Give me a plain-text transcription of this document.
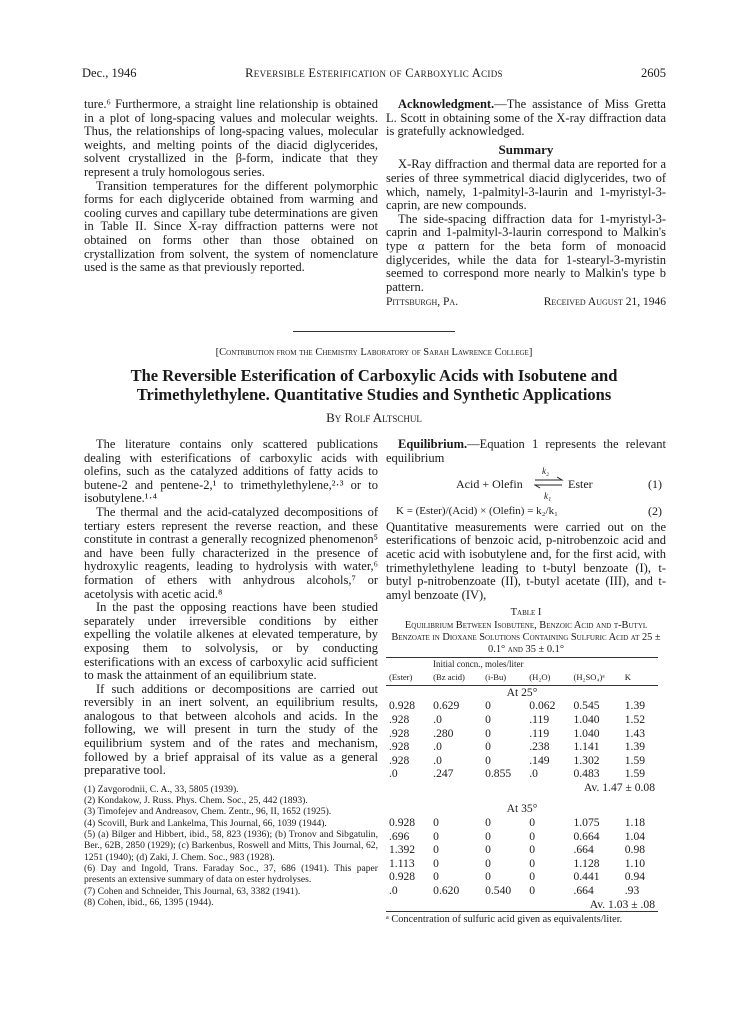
Dec., 1946	Reversible Esterification of Carboxylic Acids	2605

ture.⁶ Furthermore, a straight line relationship is obtained in a plot of long-spacing values and molecular weights. Thus, the relationships of long-spacing values, molecular weights, and melting points of the diacid diglycerides, solvent crystallized in the β-form, indicate that they represent a truly homologous series.

Transition temperatures for the different polymorphic forms for each diglyceride obtained from warming and cooling curves and capillary tube determinations are given in Table II. Since X-ray diffraction patterns were not obtained on forms other than those obtained on crystallization from solvent, the system of nomenclature used is the same as that previously reported.

Acknowledgment.—The assistance of Miss Gretta L. Scott in obtaining some of the X-ray diffraction data is gratefully acknowledged.

Summary

X-Ray diffraction and thermal data are reported for a series of three symmetrical diacid diglycerides, two of which, namely, 1-palmityl-3-laurin and 1-myristyl-3-caprin, are new compounds.

The side-spacing diffraction data for 1-myristyl-3-caprin and 1-palmityl-3-laurin correspond to Malkin's type α pattern for the beta form of monoacid diglycerides, while the data for 1-stearyl-3-myristin seemed to correspond more nearly to Malkin's type b pattern.

Pittsburgh, Pa.	Received August 21, 1946
[Contribution from the Chemistry Laboratory of Sarah Lawrence College]
The Reversible Esterification of Carboxylic Acids with Isobutene and Trimethylethylene. Quantitative Studies and Synthetic Applications
By Rolf Altschul

The literature contains only scattered publications dealing with esterifications of carboxylic acids with olefins, such as the catalyzed additions of fatty acids to butene-2 and pentene-2,¹ to trimethylethylene,²·³ or to isobutylene.¹·⁴

The thermal and the acid-catalyzed decompositions of tertiary esters represent the reverse reaction, and these constitute in contrast a generally recognized phenomenon⁵ and have been fully characterized in the presence of hydroxylic reagents, leading to hydrolysis with water,⁶ formation of ethers with anhydrous alcohols,⁷ or acetolysis with acetic acid.⁸

In the past the opposing reactions have been studied separately under irreversible conditions by either expelling the volatile alkenes at elevated temperature, by exposing them to solvolysis, or by conducting esterifications with an excess of carboxylic acid sufficient to mask the attainment of an equilibrium state.

If such additions or decompositions are carried out reversibly in an inert solvent, an equilibrium results, analogous to that between alcohols and acids. In the following, we will present in turn the study of the equilibrium system and of the rates and mechanism, followed by a brief appraisal of its value as a general preparative tool.

(1) Zavgorodnii, C. A., 33, 5805 (1939).
(2) Kondakow, J. Russ. Phys. Chem. Soc., 25, 442 (1893).
(3) Timofejev and Andreasov, Chem. Zentr., 96, II, 1652 (1925).
(4) Scovill, Burk and Lankelma, This Journal, 66, 1039 (1944).
(5) (a) Bilger and Hibbert, ibid., 58, 823 (1936); (b) Tronov and Sibgatulin, Ber., 62B, 2850 (1929); (c) Barkenbus, Roswell and Mitts, This Journal, 62, 1251 (1940); (d) Zaki, J. Chem. Soc., 983 (1928).
(6) Day and Ingold, Trans. Faraday Soc., 37, 686 (1941). This paper presents an extensive summary of data on ester hydrolyses.
(7) Cohen and Schneider, This Journal, 63, 3382 (1941).
(8) Cohen, ibid., 66, 1395 (1944).

Equilibrium.—Equation 1 represents the relevant equilibrium

Acid + Olefin
k₂
k₁
Ester	(1)
K = (Ester)/(Acid) × (Olefin) = k₂/k₁	(2)

Quantitative measurements were carried out on the esterifications of benzoic acid, p-nitrobenzoic acid and acetic acid with isobutylene and, for the first acid, with trimethylethylene leading to t-butyl benzoate (I), t-butyl p-nitrobenzoate (II), t-butyl acetate (III), and t-amyl benzoate (IV),

Table I
Equilibrium Between Isobutene, Benzoic Acid and t-Butyl Benzoate in Dioxane Solutions Containing Sulfuric Acid at 25 ± 0.1° and 35 ± 0.1°
Initial concn., moles/liter					
(Ester)	(Bz acid)	(i-Bu)	(H₂O)	(H₂SO₄)ᵃ	K
At 25°					
0.928	0.629	0	0.062	0.545	1.39
.928	.0	0	.119	1.040	1.52
.928	.280	0	.119	1.040	1.43
.928	.0	0	.238	1.141	1.39
.928	.0	0	.149	1.302	1.59
.0	.247	0.855	.0	0.483	1.59
Av. 1.47 ± 0.08					

At 35°					
0.928	0	0	0	1.075	1.18
.696	0	0	0	0.664	1.04
1.392	0	0	0	.664	0.98
1.113	0	0	0	1.128	1.10
0.928	0	0	0	0.441	0.94
.0	0.620	0.540	0	.664	.93
Av. 1.03 ± .08					
ᵃ Concentration of sulfuric acid given as equivalents/liter.
